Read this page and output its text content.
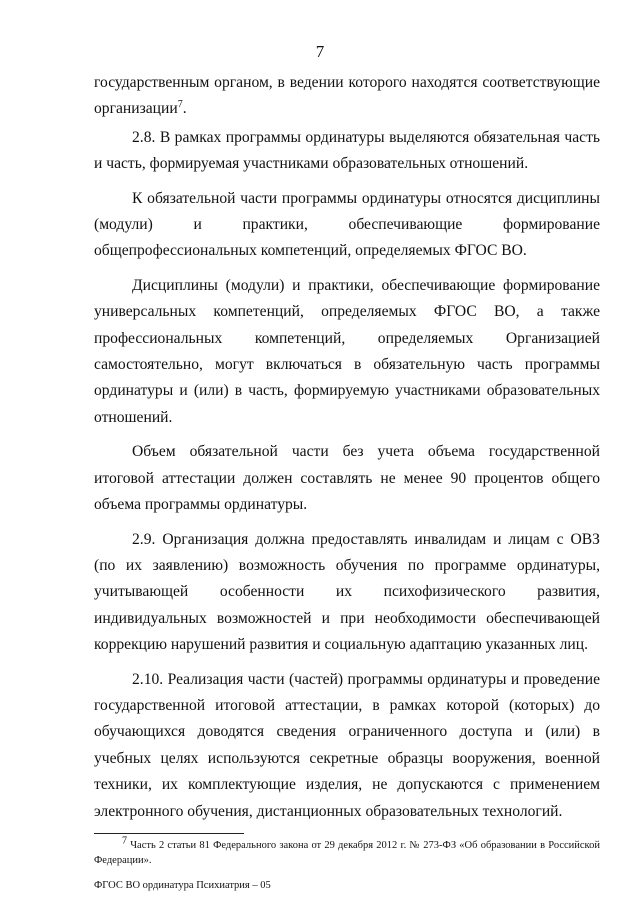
7

государственным органом, в ведении которого находятся соответствующие организации$^7$.

2.8. В рамках программы ординатуры выделяются обязательная часть и часть, формируемая участниками образовательных отношений.

К обязательной части программы ординатуры относятся дисциплины (модули) и практики, обеспечивающие формирование общепрофессиональных компетенций, определяемых ФГОС ВО.

Дисциплины (модули) и практики, обеспечивающие формирование универсальных компетенций, определяемых ФГОС ВО, а также профессиональных компетенций, определяемых Организацией самостоятельно, могут включаться в обязательную часть программы ординатуры и (или) в часть, формируемую участниками образовательных отношений.

Объем обязательной части без учета объема государственной итоговой аттестации должен составлять не менее 90 процентов общего объема программы ординатуры.

2.9. Организация должна предоставлять инвалидам и лицам с ОВЗ (по их заявлению) возможность обучения по программе ординатуры, учитывающей особенности их психофизического развития, индивидуальных возможностей и при необходимости обеспечивающей коррекцию нарушений развития и социальную адаптацию указанных лиц.

2.10. Реализация части (частей) программы ординатуры и проведение государственной итоговой аттестации, в рамках которой (которых) до обучающихся доводятся сведения ограниченного доступа и (или) в учебных целях используются секретные образцы вооружения, военной техники, их комплектующие изделия, не допускаются с применением электронного обучения, дистанционных образовательных технологий.

7 Часть 2 статьи 81 Федерального закона от 29 декабря 2012 г. № 273-ФЗ «Об образовании в Российской Федерации».
ФГОС ВО ординатура Психиатрия – 05
